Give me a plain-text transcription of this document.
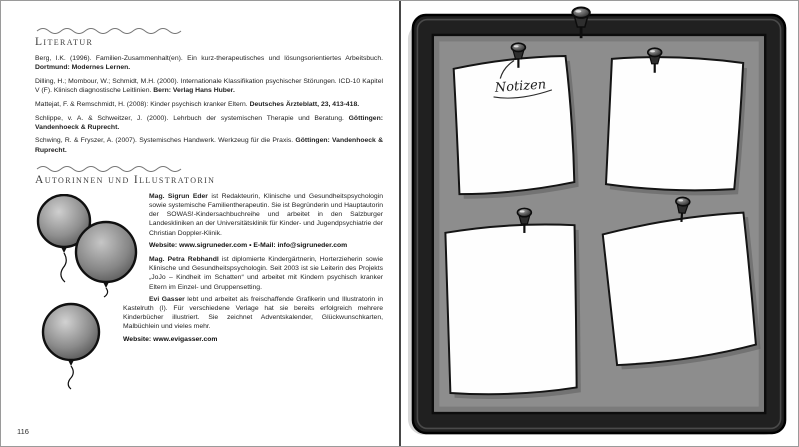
Literatur

Berg, I.K. (1996). Familien-Zusammenhalt(en). Ein kurz-therapeutisches und lösungsorientiertes Arbeitsbuch. Dortmund: Modernes Lernen.

Dilling, H.; Mombour, W.; Schmidt, M.H. (2000). Internationale Klassifikation psychischer Störungen. ICD-10 Kapitel V (F). Klinisch diagnostische Leitlinien. Bern: Verlag Hans Huber.

Mattejat, F. & Remschmidt, H. (2008): Kinder psychisch kranker Eltern. Deutsches Ärzteblatt, 23, 413-418.

Schlippe, v. A. & Schweitzer, J. (2000). Lehrbuch der systemischen Therapie und Beratung. Göttingen: Vandenhoeck & Ruprecht.

Schwing, R. & Fryszer, A. (2007). Systemisches Handwerk. Werkzeug für die Praxis. Göttingen: Vandenhoeck & Ruprecht.

Autorinnen und Illustratorin

Mag. Sigrun Eder ist Redakteurin, Klinische und Gesundheitspsychologin sowie systemische Familientherapeutin. Sie ist Begründerin und Hauptautorin der SOWAS!-Kindersachbuchreihe und arbeitet in den Salzburger Landeskliniken an der Universitätsklinik für Kinder- und Jugendpsychiatrie der Christian Doppler-Klinik.

Website: www.sigruneder.com • E-Mail: info@sigruneder.com

Mag. Petra Rebhandl ist diplomierte Kindergärtnerin, Horterzieherin sowie Klinische und Gesundheitspsychologin. Seit 2003 ist sie Leiterin des Projekts „JoJo – Kindheit im Schatten“ und arbeitet mit Kindern psychisch kranker Eltern im Einzel- und Gruppensetting.

Evi Gasser lebt und arbeitet als freischaffende Grafikerin und Illustratorin in Kastelruth (I). Für verschiedene Verlage hat sie bereits erfolgreich mehrere Kinderbücher illustriert. Sie zeichnet Adventskalender, Glückwunschkarten, Malbüchlein und vieles mehr.

Website: www.evigasser.com

116
Notizen
